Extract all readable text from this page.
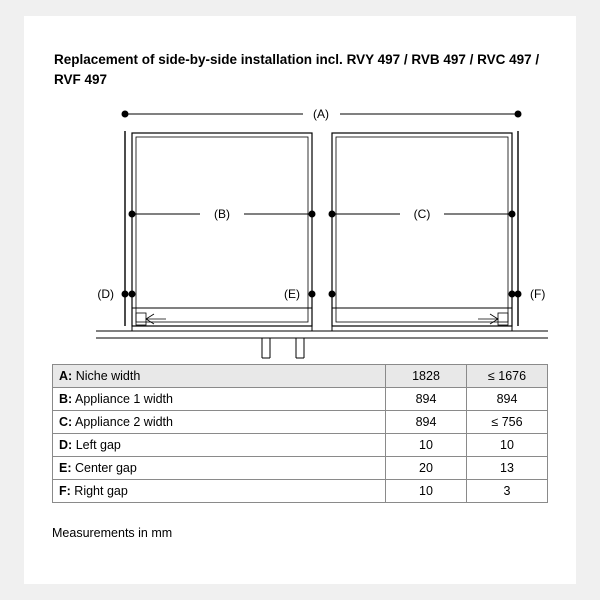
Replacement of side-by-side installation incl. RVY 497 / RVB 497 / RVC 497 / RVF 497
(A)
(B)	(C)
(D)	(E)	(F)
A: Niche width	1828	≤ 1676
B: Appliance 1 width	894	894
C: Appliance 2 width	894	≤ 756
D: Left gap	10	10
E: Center gap	20	13
F: Right gap	10	3
Measurements in mm
